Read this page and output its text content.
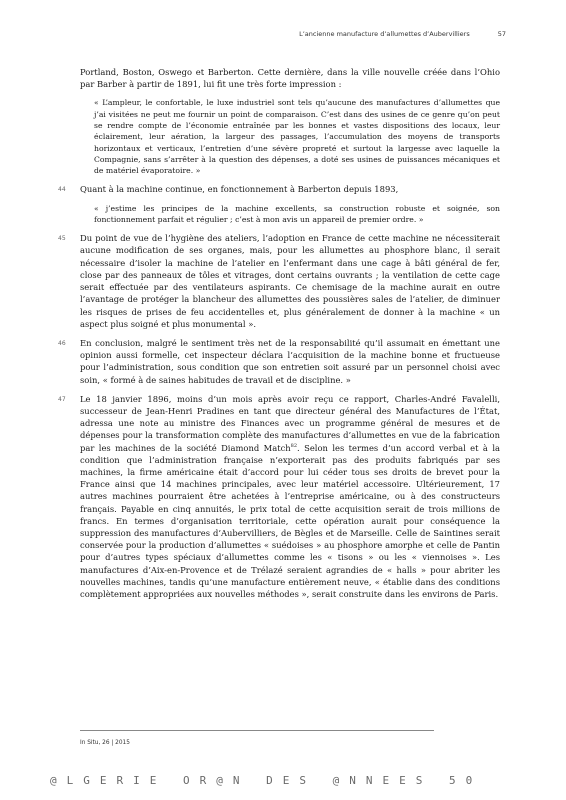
L’ancienne manufacture d’allumettes d’Aubervilliers	57

Portland, Boston, Oswego et Barberton. Cette dernière, dans la ville nouvelle créée dans l’Ohio par Barber à partir de 1891, lui fit une très forte impression :

« L’ampleur, le confortable, le luxe industriel sont tels qu’aucune des manufactures d’allumettes que j’ai visitées ne peut me fournir un point de comparaison. C’est dans des usines de ce genre qu’on peut se rendre compte de l’économie entraînée par les bonnes et vastes dispositions des locaux, leur éclairement, leur aération, la largeur des passages, l’accumulation des moyens de transports horizontaux et verticaux, l’entretien d’une sévère propreté et surtout la largesse avec laquelle la Compagnie, sans s’arrêter à la question des dépenses, a doté ses usines de puissances mécaniques et de matériel évaporatoire. »

44 Quant à la machine continue, en fonctionnement à Barberton depuis 1893,

« j’estime les principes de la machine excellents, sa construction robuste et soignée, son fonctionnement parfait et régulier ; c’est à mon avis un appareil de premier ordre. »

45 Du point de vue de l’hygiène des ateliers, l’adoption en France de cette machine ne nécessiterait aucune modification de ses organes, mais, pour les allumettes au phosphore blanc, il serait nécessaire d’isoler la machine de l’atelier en l’enfermant dans une cage à bâti général de fer, close par des panneaux de tôles et vitrages, dont certains ouvrants ; la ventilation de cette cage serait effectuée par des ventilateurs aspirants. Ce chemisage de la machine aurait en outre l’avantage de protéger la blancheur des allumettes des poussières sales de l’atelier, de diminuer les risques de prises de feu accidentelles et, plus généralement de donner à la machine « un aspect plus soigné et plus monumental ».

46 En conclusion, malgré le sentiment très net de la responsabilité qu’il assumait en émettant une opinion aussi formelle, cet inspecteur déclara l’acquisition de la machine bonne et fructueuse pour l’administration, sous condition que son entretien soit assuré par un personnel choisi avec soin, « formé à de saines habitudes de travail et de discipline. »

47 Le 18 janvier 1896, moins d’un mois après avoir reçu ce rapport, Charles-André Favalelli, successeur de Jean-Henri Pradines en tant que directeur général des Manufactures de l’État, adressa une note au ministre des Finances avec un programme général de mesures et de dépenses pour la transformation complète des manufactures d’allumettes en vue de la fabrication par les machines de la société Diamond Match$^{82}$. Selon les termes d’un accord verbal et à la condition que l’administration française n’exporterait pas des produits fabriqués par ses machines, la firme américaine était d’accord pour lui céder tous ses droits de brevet pour la France ainsi que 14 machines principales, avec leur matériel accessoire. Ultérieurement, 17 autres machines pourraient être achetées à l’entreprise américaine, ou à des constructeurs français. Payable en cinq annuités, le prix total de cette acquisition serait de trois millions de francs. En termes d’organisation territoriale, cette opération aurait pour conséquence la suppression des manufactures d’Aubervilliers, de Bègles et de Marseille. Celle de Saintines serait conservée pour la production d’allumettes « suédoises » au phosphore amorphe et celle de Pantin pour d’autres types spéciaux d’allumettes comme les « tisons » ou les « viennoises ». Les manufactures d’Aix-en-Provence et de Trélazé seraient agrandies de « halls » pour abriter les nouvelles machines, tandis qu’une manufacture entièrement neuve, « établie dans des conditions complètement appropriées aux nouvelles méthodes », serait construite dans les environs de Paris.

In Situ, 26 | 2015
@LGERIE OR@N DES @NNEES 50
